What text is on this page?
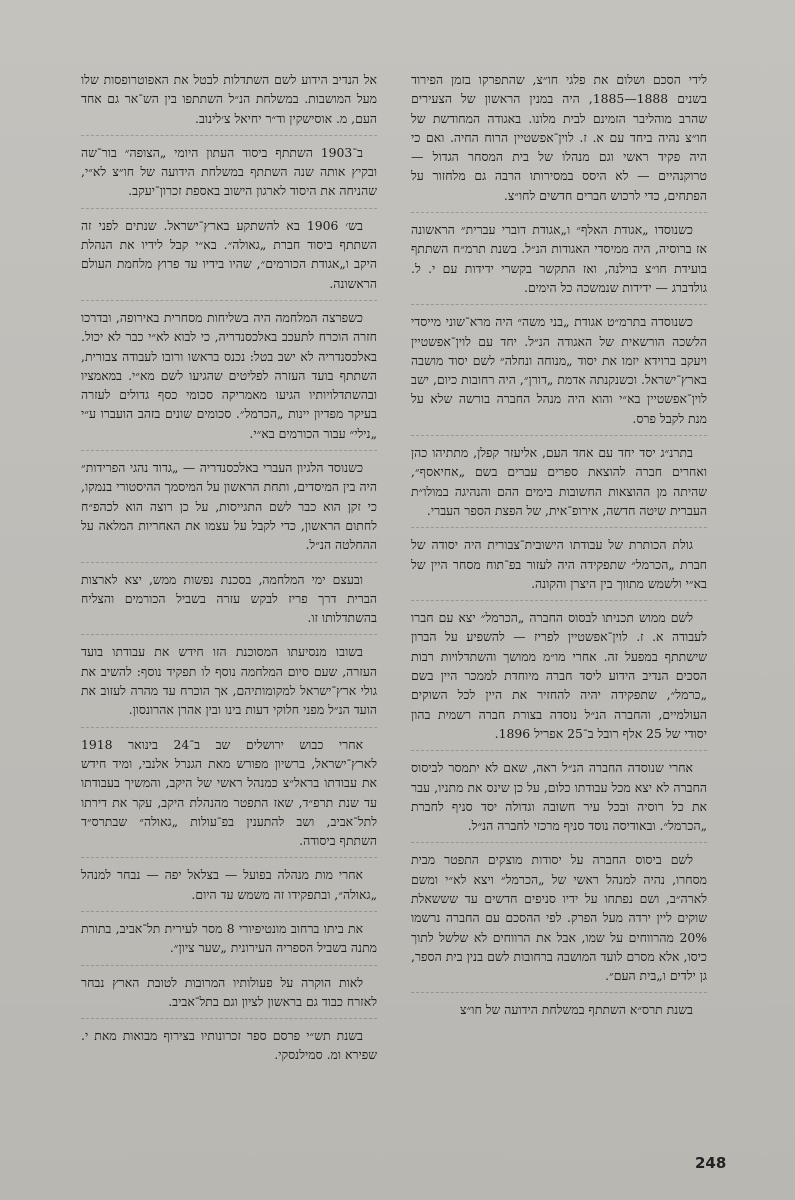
לידי הסכם ושלום את פלגי חו״צ, שהתפרקו בזמן הפירוד בשנים 1888—1885, היה במנין הראשון של הצעירים שהרב מוהליבר הזמינם לבית מלונו. באגודה המחודשת של חו״צ נהיה ביחד עם א. ז. לוין־אפשטיין הרוח החיה. ואם כי היה פקיד ראשי וגם מנהלו של בית המסחר הגדול — טרוקנהיים — לא היסס במסירותו הרבה גם מלחזור על הפתחים, כדי לרכוש חברים חדשים לחו״צ.

כשנוסדו „אגודת האלף״ ו„אגודת דוברי עברית״ הראשונה אז ברוסיה, היה ממיסדי האגודות הנ״ל. בשנת תרמ״ח השתתף בועידת חו״צ בוילנה, ואז התקשר בקשרי ידידות עם י. ל. גולדברג — ידידות שנמשכה כל הימים.

כשנוסדה בתרמ״ט אגודת „בני משה״ היה מרא־שוני מייסדי הלשכה הורשאית של האגודה הנ״ל. יחד עם לוין־אפשטיין ויעקב ברוידא יזמו את יסוד „מנוחה ונחלה״ לשם יסוד מושבה בארץ־ישראל. וכשנקנתה אדמת „דורן״, היה רחובות כיום, ישב לוין־אפשטיין בא״י והוא היה מנהל החברה בורשה שלא על מנת לקבל פרס.

בתרנ״ג יסד יחד עם אחד העם, אליעזר קפלן, מתתיהו כהן ואחרים חברה להוצאת ספרים עברים בשם „אחיאסף״, שהיתה מן ההוצאות החשובות בימים ההם והנהיגה במולו״ת העברית שיטה חדשה, אירופ־אית, של הפצת הספר העברי.

גולת הכותרת של עבודתו הישובית־צבורית היה יסודה של חברת „הכרמל״ שתפקידה היה לעזור בפ־תוח מסחר היין של בא״י ולשמש מתווך בין היצרן והקונה.

לשם ממוש תכניתו לבסוס החברה „הכרמל״ יצא עם חברו לעבודה א. ז. לוין־אפשטיין לפריז — להשפיע על הברון שישתתף במפעל זה. אחרי מו״מ ממושך והשתדלויות רבות הסכים הנדיב הידוע ליסד חברה מיוחדת לממכר היין בשם „כרמל״, שתפקידה יהיה להחזיר את היין לכל השוקים העולמיים, והחברה הנ״ל נוסדה בצורת חברה רשמית בהון יסודי של 25 אלף רובל ב־25 אפריל 1896.

אחרי שנוסדה החברה הנ״ל ראה, שאם לא יתמסר לביסוס החברה לא יצא מכל עבודתו כלום, על כן שינס את מתניו, עבר את כל רוסיה ובכל עיר חשובה וגדולה יסד סניף לחברת „הכרמל״. ובאודיסה נוסד סניף מרכזי לחברה הנ״ל.

לשם ביסוס החברה על יסודות מוצקים התפטר מבית מסחרו, נהיה למנהל ראשי של „הכרמל״ ויצא לא״י ומשם לארה״ב, ושם נפתחו על ידיו סניפים חדשים עד שששאלת שוקים ליין ירדה מעל הפרק. לפי ההסכם עם החברה נרשמו 20% מהרווחים על שמו, אבל את הרווחים לא שלשל לתוך כיסו, אלא מסרם לועד המושבה ברחובות לשם בנין בית הספר, גן ילדים ו„בית העם״.

בשנת תרס״א השתתף במשלחת הידועה של חו״צ

אל הנדיב הידוע לשם השתדלות לבטל את האפוטרופסות שלו מעל המושבות. במשלחת הנ״ל השתתפו בין הש־אר גם אחד העם, מ. אוסישקין וד״ר יחיאל צ׳לינוב.

ב־1903 השתתף ביסוד העתון היומי „הצופה״ בור־שה ובקיץ אותה שנה השתתף במשלחת הידועה של חו״צ לא״י, שהניחה את היסוד לארגון הישוב באספת זכרון־יעקב.

בש׳ 1906 בא להשתקע בארץ־ישראל. שנתים לפני זה השתתף ביסוד חברת „גאולה״. בא״י קבל לידיו את הנהלת היקב ו„אגודת הכורמים״, שהיו בידיו עד פרוץ מלחמת העולם הראשונה.

כשפרצה המלחמה היה בשליחות מסחרית באירופה, ובדרכו חזרה הוכרח לתעכב באלכסנדריה, כי לבוא לא״י כבר לא יכול. באלכסנדריה לא ישב בטל: נכנס בראשו ורובו לעבודה צבורית, השתתף בועד העזרה לפליטים שהגיעו לשם מא״י. במאמציו ובהשתדלויותיו הגיעו מאמריקה סכומי כסף גדולים לעזרה בעיקר מפדיון יינות „הכרמל״. סכומים שונים בזהב הועברו ע״י „נילי״ עבור הכורמים בא״י.

כשנוסד הלגיון העברי באלכסנדריה — „גדוד נהגי הפרידות״ היה בין המיסדים, ותחת הראשון על המיסמך ההיסטורי בנמקו, כי זקן הוא כבר לשם התגייסות, על כן רוצה הוא לכהפ״ח לחתום הראשון, כדי לקבל על עצמו את האחריות המלאה על ההחלטה הנ״ל.

ובעצם ימי המלחמה, בסכנת נפשות ממש, יצא לארצות הברית דרך פריז לבקש עזרה בשביל הכורמים והצליח בהשתדלותו זו.

בשובו מנסיעתו המסוכנת הזו חידש את עבודתו בועד העזרה, שעם סיום המלחמה נוסף לו תפקיד נוסף: להשיב את גולי ארץ־ישראל למקומותיהם, אך הוכרח עד מהרה לעזוב את הועד הנ״ל מפני חלוקי דעות בינו ובין אהרן אהרונסון.

אחרי כבוש ירושלים שב ב־24 בינואר 1918 לארץ־ישראל, ברשיון מפורש מאת הגנרל אלנבי, ומיד חידש את עבודתו בראל״צ כמנהל ראשי של היקב, והמשיך בעבודתו עד שנת תרפ״ד, שאז התפטר מהנהלת היקב, עקר את דירתו לתל־אביב, ושב להתענין בפ־עולות „גאולה״ שבתרס״ד השתתף ביסודה.

אחרי מות מנהלה בפועל — בצלאל יפה — נבחר למנהל „גאולה״, ובתפקידו זה משמש עד היום.

את ביתו ברחוב מונטיפיורי 8 מסר לעירית תל־אביב, בתורת מתנה בשביל הספריה העירונית „שער ציון״.

לאות הוקרה על פעולותיו המרובות לטובת הארץ נבחר לאזרח כבוד גם בראשון לציון וגם בתל־אביב.

בשנת תש״י פרסם ספר זכרונותיו בצירוף מבואות מאת י. שפירא ומ. סמילנסקי.

248
